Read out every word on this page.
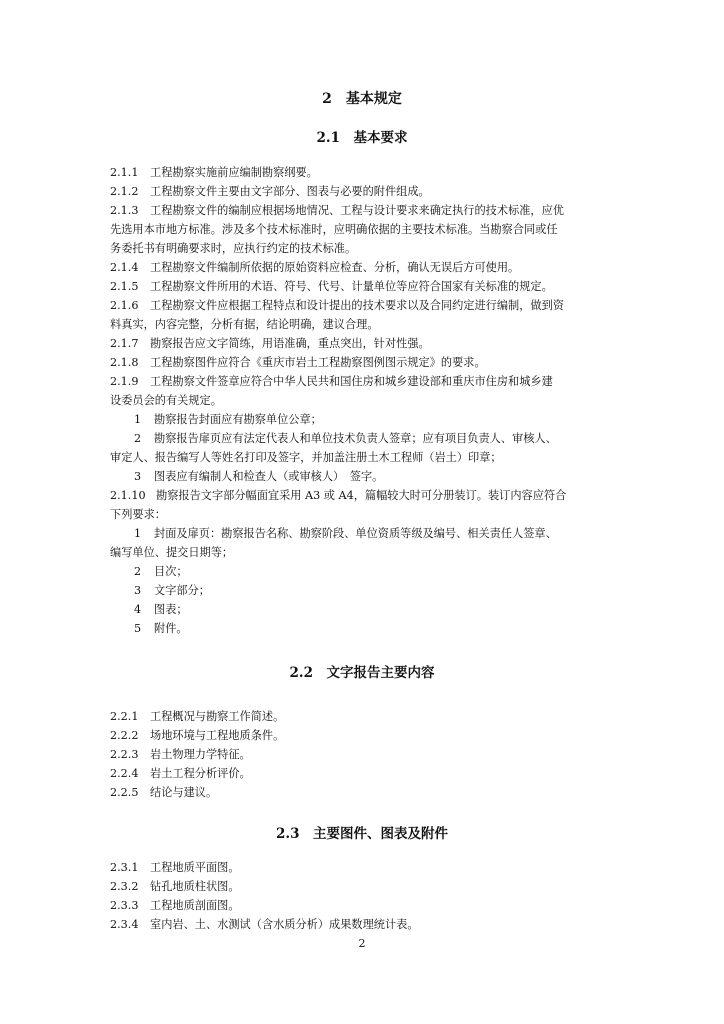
2　基本规定
2.1　基本要求
2.1.1 工程勘察实施前应编制勘察纲要。
2.1.2 工程勘察文件主要由文字部分、图表与必要的附件组成。
2.1.3 工程勘察文件的编制应根据场地情况、工程与设计要求来确定执行的技术标准，应优
先选用本市地方标准。涉及多个技术标准时，应明确依据的主要技术标准。当勘察合同或任
务委托书有明确要求时，应执行约定的技术标准。
2.1.4 工程勘察文件编制所依据的原始资料应检查、分析，确认无误后方可使用。
2.1.5 工程勘察文件所用的术语、符号、代号、计量单位等应符合国家有关标准的规定。
2.1.6 工程勘察文件应根据工程特点和设计提出的技术要求以及合同约定进行编制，做到资
料真实，内容完整，分析有据，结论明确，建议合理。
2.1.7 勘察报告应文字简练，用语准确，重点突出，针对性强。
2.1.8 工程勘察图件应符合《重庆市岩土工程勘察图例图示规定》的要求。
2.1.9 工程勘察文件签章应符合中华人民共和国住房和城乡建设部和重庆市住房和城乡建
设委员会的有关规定。
1 勘察报告封面应有勘察单位公章；
2 勘察报告扉页应有法定代表人和单位技术负责人签章；应有项目负责人、审核人、
审定人、报告编写人等姓名打印及签字，并加盖注册土木工程师（岩土）印章；
3 图表应有编制人和检查人（或审核人）　签字。
2.1.10 勘察报告文字部分幅面宜采用 A3 或 A4，篇幅较大时可分册装订。装订内容应符合
下列要求：
1 封面及扉页：勘察报告名称、勘察阶段、单位资质等级及编号、相关责任人签章、
编写单位、提交日期等；
2 目次；
3 文字部分；
4 图表；
5 附件。
2.2　文字报告主要内容
2.2.1 工程概况与勘察工作简述。
2.2.2 场地环境与工程地质条件。
2.2.3 岩土物理力学特征。
2.2.4 岩土工程分析评价。
2.2.5 结论与建议。
2.3　主要图件、图表及附件
2.3.1 工程地质平面图。
2.3.2 钻孔地质柱状图。
2.3.3 工程地质剖面图。
2.3.4 室内岩、土、水测试（含水质分析）成果数理统计表。
2
